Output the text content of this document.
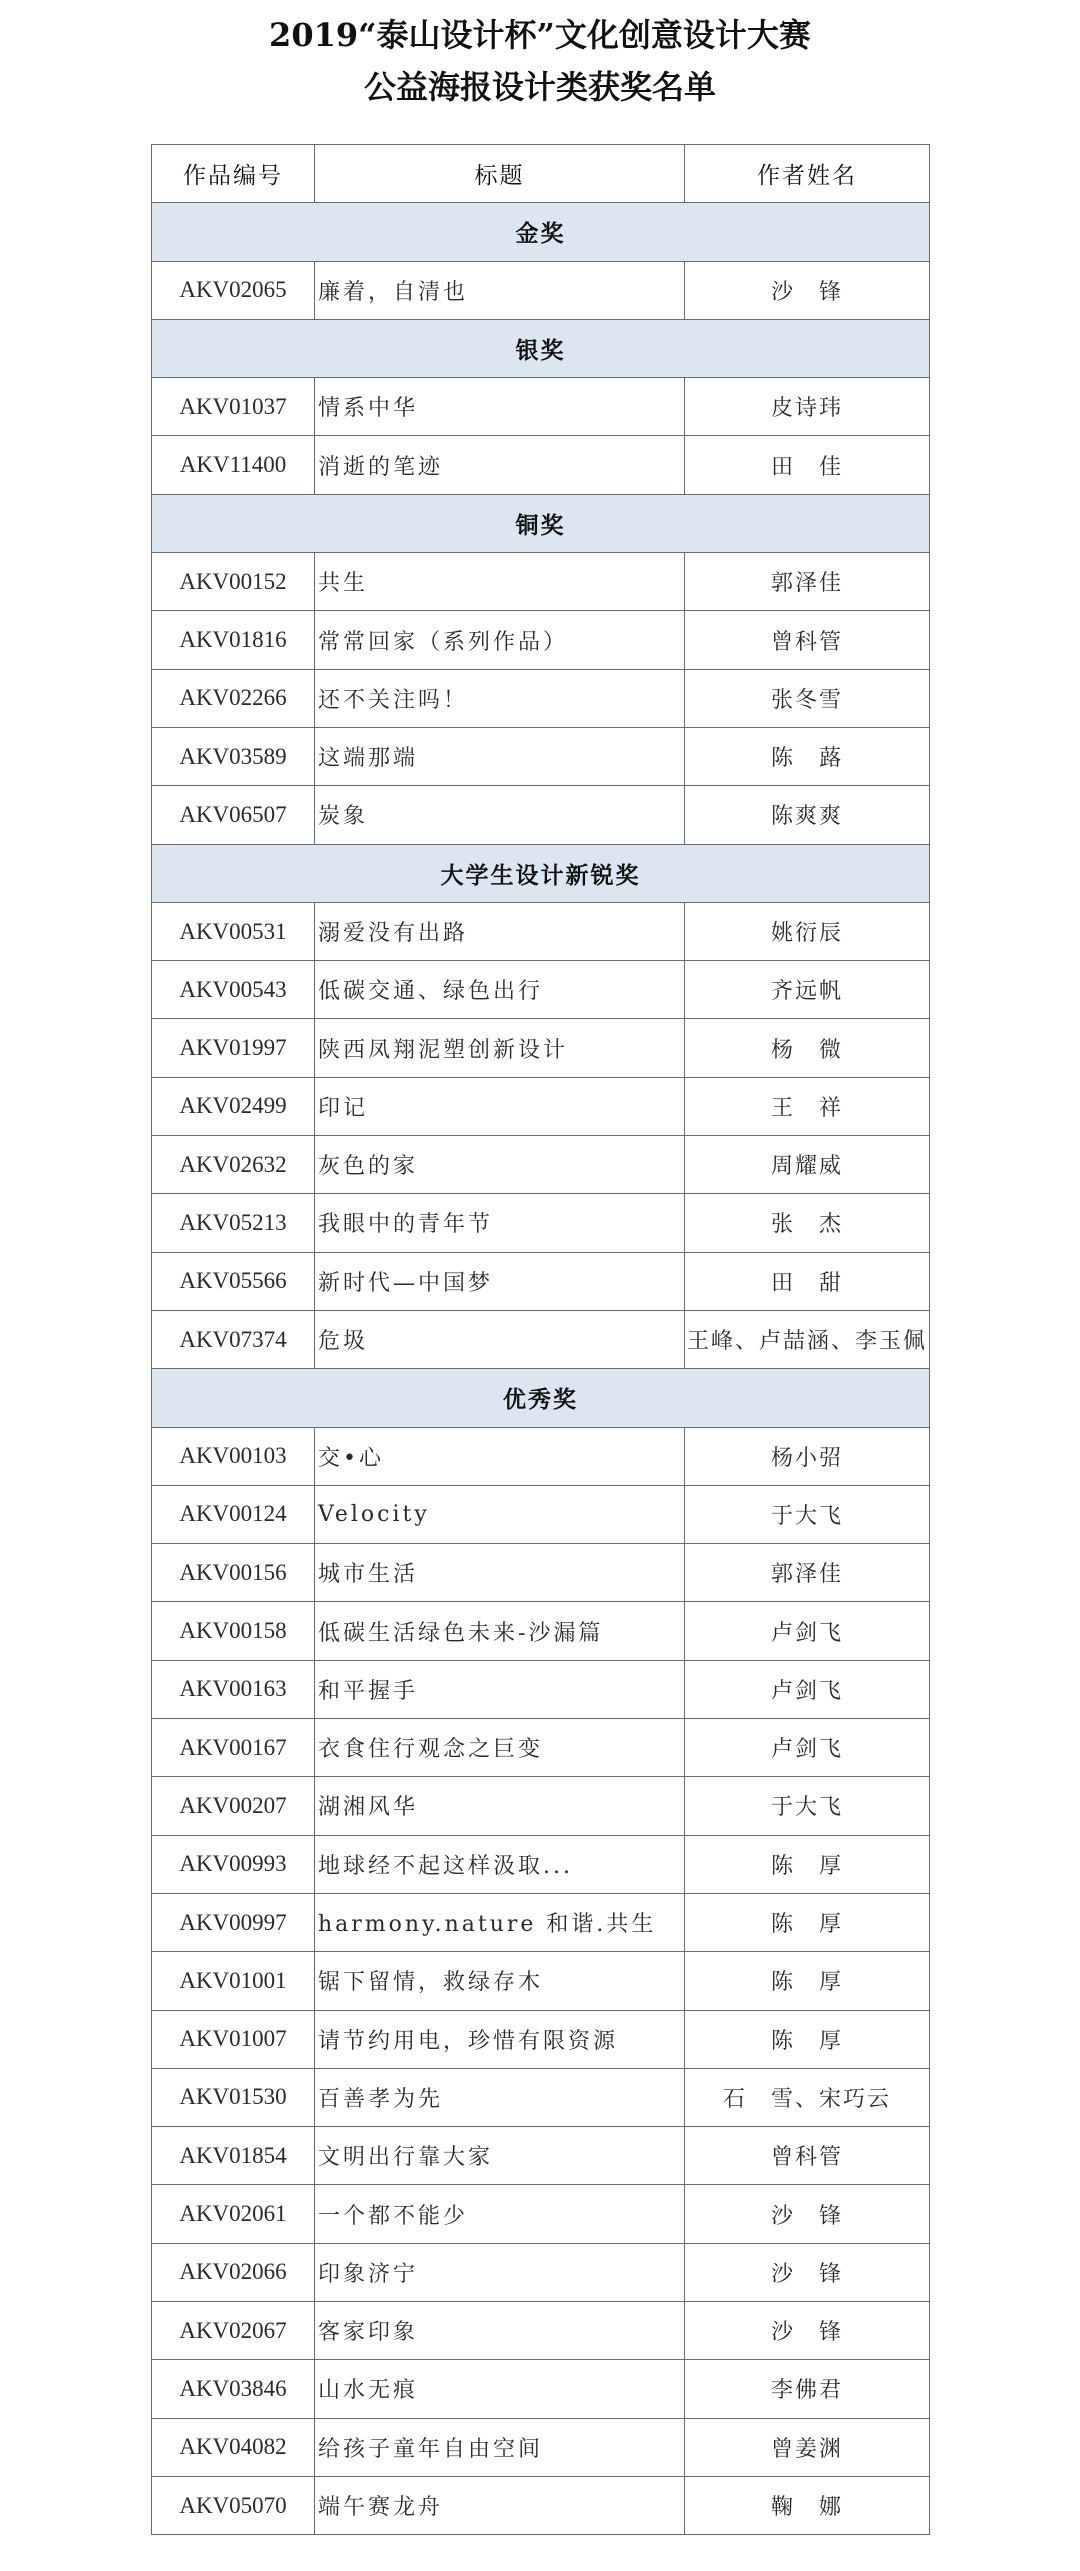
2019“泰山设计杯”文化创意设计大赛
公益海报设计类获奖名单
作品编号	标题	作者姓名
金奖		
AKV02065	廉着，自清也	沙　锋
银奖		
AKV01037	情系中华	皮诗玮
AKV11400	消逝的笔迹	田　佳
铜奖		
AKV00152	共生	郭泽佳
AKV01816	常常回家（系列作品）	曾科管
AKV02266	还不关注吗！	张冬雪
AKV03589	这端那端	陈　蕗
AKV06507	炭象	陈爽爽
大学生设计新锐奖		
AKV00531	溺爱没有出路	姚衍辰
AKV00543	低碳交通、绿色出行	齐远帆
AKV01997	陕西凤翔泥塑创新设计	杨　微
AKV02499	印记	王　祥
AKV02632	灰色的家	周耀威
AKV05213	我眼中的青年节	张　杰
AKV05566	新时代—中国梦	田　甜
AKV07374	危圾	王峰、卢喆涵、李玉佩
优秀奖		
AKV00103	交•心	杨小弨
AKV00124	Velocity	于大飞
AKV00156	城市生活	郭泽佳
AKV00158	低碳生活绿色未来-沙漏篇	卢剑飞
AKV00163	和平握手	卢剑飞
AKV00167	衣食住行观念之巨变	卢剑飞
AKV00207	湖湘风华	于大飞
AKV00993	地球经不起这样汲取...	陈　厚
AKV00997	harmony.nature 和谐.共生	陈　厚
AKV01001	锯下留情，救绿存木	陈　厚
AKV01007	请节约用电，珍惜有限资源	陈　厚
AKV01530	百善孝为先	石　雪、宋巧云
AKV01854	文明出行靠大家	曾科管
AKV02061	一个都不能少	沙　锋
AKV02066	印象济宁	沙　锋
AKV02067	客家印象	沙　锋
AKV03846	山水无痕	李佛君
AKV04082	给孩子童年自由空间	曾姜渊
AKV05070	端午赛龙舟	鞠　娜
